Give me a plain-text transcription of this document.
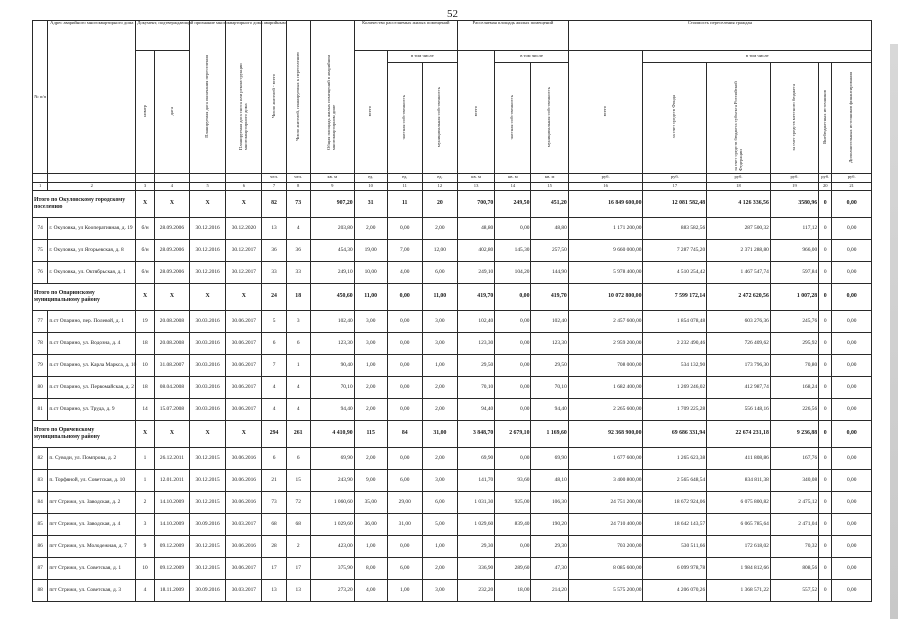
52
№ п/п	Адрес аварийного многоквартирного дома	Документ, подтверждающий признание многоквартирного дома аварийным		Планируемая дата окончания переселения	Планируемая дата сноса или реконструкции многоквартирного дома	Число жителей - всего	Число жителей, планируемых к переселению	Общая площадь жилых помещений в аварийном многоквартирном доме	Количество расселяемых жилых помещений			Расселяемая площадь жилых помещений			Стоимость переселения граждан					
		номер	дата						всего	в том числе		всего	в том числе		всего	в том числе				
										частная собственность	муниципальная собственность		частная собственность	муниципальная собственность		за счет средств Фонда	за счет средств бюджета субъекта Российской Федерации	за счет средств местного бюджета	Внебюджетных источников	Дополнительных источников финансирования
						чел.	чел.	кв. м	ед.	ед.	ед.	кв. м	кв. м	кв. м	руб.	руб.	руб.	руб.	руб.	руб.
1	2	3	4	5	6	7	8	9	10	11	12	13	14	15	16	17	18	19	20	21
Итого по Окуловскому городскому поселению		X	X	X	X	82	73	907,20	31	11	20	700,70	249,50	451,20	16 849 600,00	12 081 582,48	4 126 336,56	3580,96	0	0,00
74	г. Окуловка, ул Кооперативная, д. 19	б/н	28.09.2006	30.12.2016	30.12.2020	13	4	203,80	2,00	0,00	2,00	48,80	0,00	48,80	1 171 200,00	883 582,56	287 500,32	117,12	0	0,00
75	г. Окуловка, ул Ягорьевская, д. 8	б/н	28.09.2006	30.12.2016	30.12.2017	36	36	454,30	19,00	7,00	12,00	402,80	145,30	257,50	9 660 000,00	7 287 745,20	2 371 288,80	966,00	0	0,00
76	г. Окуловка, ул. Октябрьская, д. 1	б/н	28.09.2006	30.12.2016	30.12.2017	33	33	249,10	10,00	4,00	6,00	249,10	104,20	144,90	5 978 400,00	4 510 254,42	1 467 547,74	597,84	0	0,00
Итого по Опаринскому муниципальному району		X	X	X	X	24	18	450,60	11,00	0,00	11,00	419,70	0,00	419,70	10 072 800,00	7 599 172,14	2 472 620,56	1 007,28	0	0,00
77	п.ст Опарино, пер. Полевой, д. 1	19	20.08.2008	30.03.2016	30.06.2017	5	3	102,40	3,00	0,00	3,00	102,40	0,00	102,40	2 457 600,00	1 854 078,48	603 276,36	245,76	0	0,00
78	п.ст Опарино, ул. Водозна, д. 4	18	20.08.2008	30.03.2016	30.06.2017	6	6	123,30	3,00	0,00	3,00	123,30	0,00	123,30	2 959 200,00	2 232 490,46	726 409,62	295,92	0	0,00
79	п.ст Опарино, ул. Карла Маркса, д. 10	10	31.08.2007	30.03.2016	30.06.2017	7	1	90,40	1,00	0,00	1,00	29,50	0,00	29,50	708 000,00	534 132,90	173 796,30	70,80	0	0,00
80	п.ст Опарино, ул. Первомайская, д. 2	18	08.04.2008	30.03.2016	30.06.2017	4	4	70,10	2,00	0,00	2,00	70,10	0,00	70,10	1 682 400,00	1 269 246,02	412 987,74	168,24	0	0,00
81	п.ст Опарино, ул. Труда, д. 9	14	15.07.2008	30.03.2016	30.06.2017	4	4	94,40	2,00	0,00	2,00	94,40	0,00	94,40	2 265 600,00	1 709 225,28	556 148,16	226,56	0	0,00
Итого по Оричевскому муниципальному району		X	X	X	X	294	261	4 410,90	115	84	31,00	3 848,70	2 679,10	1 169,60	92 368 900,00	69 686 331,94	22 674 231,18	9 236,88	0	0,00
82	п. Суводи, ул. Помпрова, д. 2	1	26.12.2011	30.12.2015	30.06.2016	6	6	69,90	2,00	0,00	2,00	69,90	0,00	69,90	1 677 600,00	1 265 623,38	411 808,86	167,76	0	0,00
83	п. Торфяной, ул. Советская, д. 10	1	12.01.2011	30.12.2015	30.06.2016	21	15	243,90	9,00	6,00	3,00	141,70	93,60	48,10	3 400 800,00	2 565 648,54	834 811,38	340,08	0	0,00
84	пгт Стрижи, ул. Заводская, д. 2	2	14.10.2009	30.12.2015	30.06.2016	73	72	1 060,60	35,00	29,00	6,00	1 031,30	925,00	106,30	24 751 200,00	18 672 924,06	6 075 800,82	2 475,12	0	0,00
85	пгт Стрижи, ул. Заводская, д. 4	3	14.10.2009	30.09.2016	30.03.2017	68	68	1 029,60	36,00	31,00	5,00	1 029,60	839,40	190,20	24 710 400,00	18 642 143,57	6 065 785,64	2 471,04	0	0,00
86	пгт Стрижи, ул. Молодежная, д. 7	9	09.12.2009	30.12.2015	30.06.2016	28	2	423,00	1,00	0,00	1,00	29,30	0,00	29,30	703 200,00	530 511,66	172 618,02	70,32	0	0,00
87	пгт Стрижи, ул. Советская, д. 1	10	09.12.2009	30.12.2015	30.06.2017	17	17	375,90	8,00	6,00	2,00	336,90	289,60	47,30	8 085 600,00	6 099 978,78	1 984 812,66	808,56	0	0,00
88	пгт Стрижи, ул. Советская, д. 3	4	18.11.2009	30.09.2016	30.03.2017	13	13	273,20	4,00	1,00	3,00	232,20	18,00	214,20	5 575 200,00	4 206 070,26	1 368 571,22	557,52	0	0,00
